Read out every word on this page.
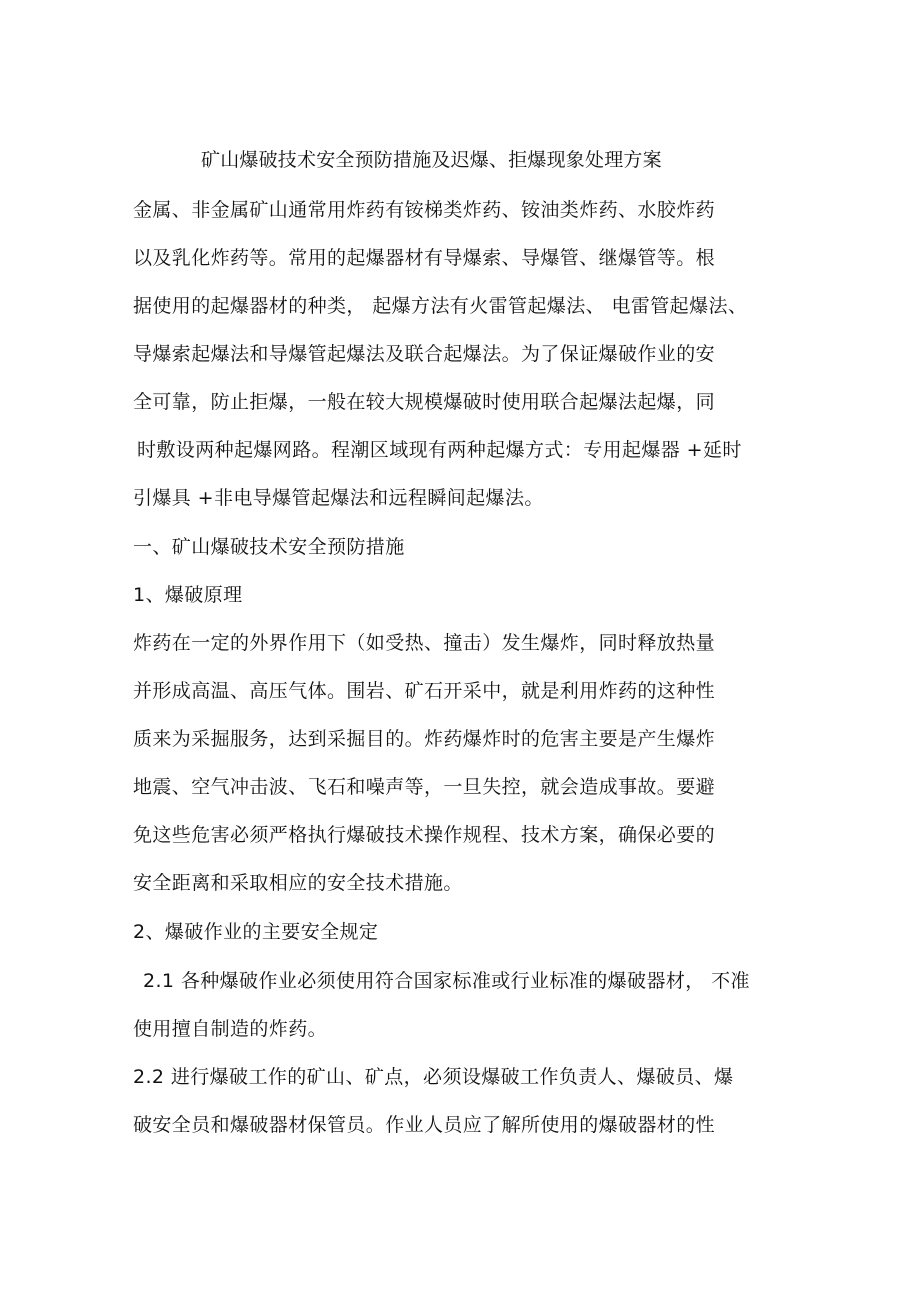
矿山爆破技术安全预防措施及迟爆、拒爆现象处理方案
金属、非金属矿山通常用炸药有铵梯类炸药、铵油类炸药、水胶炸药
以及乳化炸药等。常用的起爆器材有导爆索、导爆管、继爆管等。根
据使用的起爆器材的种类， 起爆方法有火雷管起爆法、 电雷管起爆法、
导爆索起爆法和导爆管起爆法及联合起爆法。为了保证爆破作业的安
全可靠，防止拒爆，一般在较大规模爆破时使用联合起爆法起爆，同
时敷设两种起爆网路。程潮区域现有两种起爆方式：专用起爆器 +延时
引爆具 +非电导爆管起爆法和远程瞬间起爆法。
一、矿山爆破技术安全预防措施
1、爆破原理
炸药在一定的外界作用下（如受热、撞击）发生爆炸，同时释放热量
并形成高温、高压气体。围岩、矿石开采中，就是利用炸药的这种性
质来为采掘服务，达到采掘目的。炸药爆炸时的危害主要是产生爆炸
地震、空气冲击波、飞石和噪声等，一旦失控，就会造成事故。要避
免这些危害必须严格执行爆破技术操作规程、技术方案，确保必要的
安全距离和采取相应的安全技术措施。
2、爆破作业的主要安全规定
2.1 各种爆破作业必须使用符合国家标准或行业标准的爆破器材， 不准
使用擅自制造的炸药。
2.2 进行爆破工作的矿山、矿点，必须设爆破工作负责人、爆破员、爆
破安全员和爆破器材保管员。作业人员应了解所使用的爆破器材的性
